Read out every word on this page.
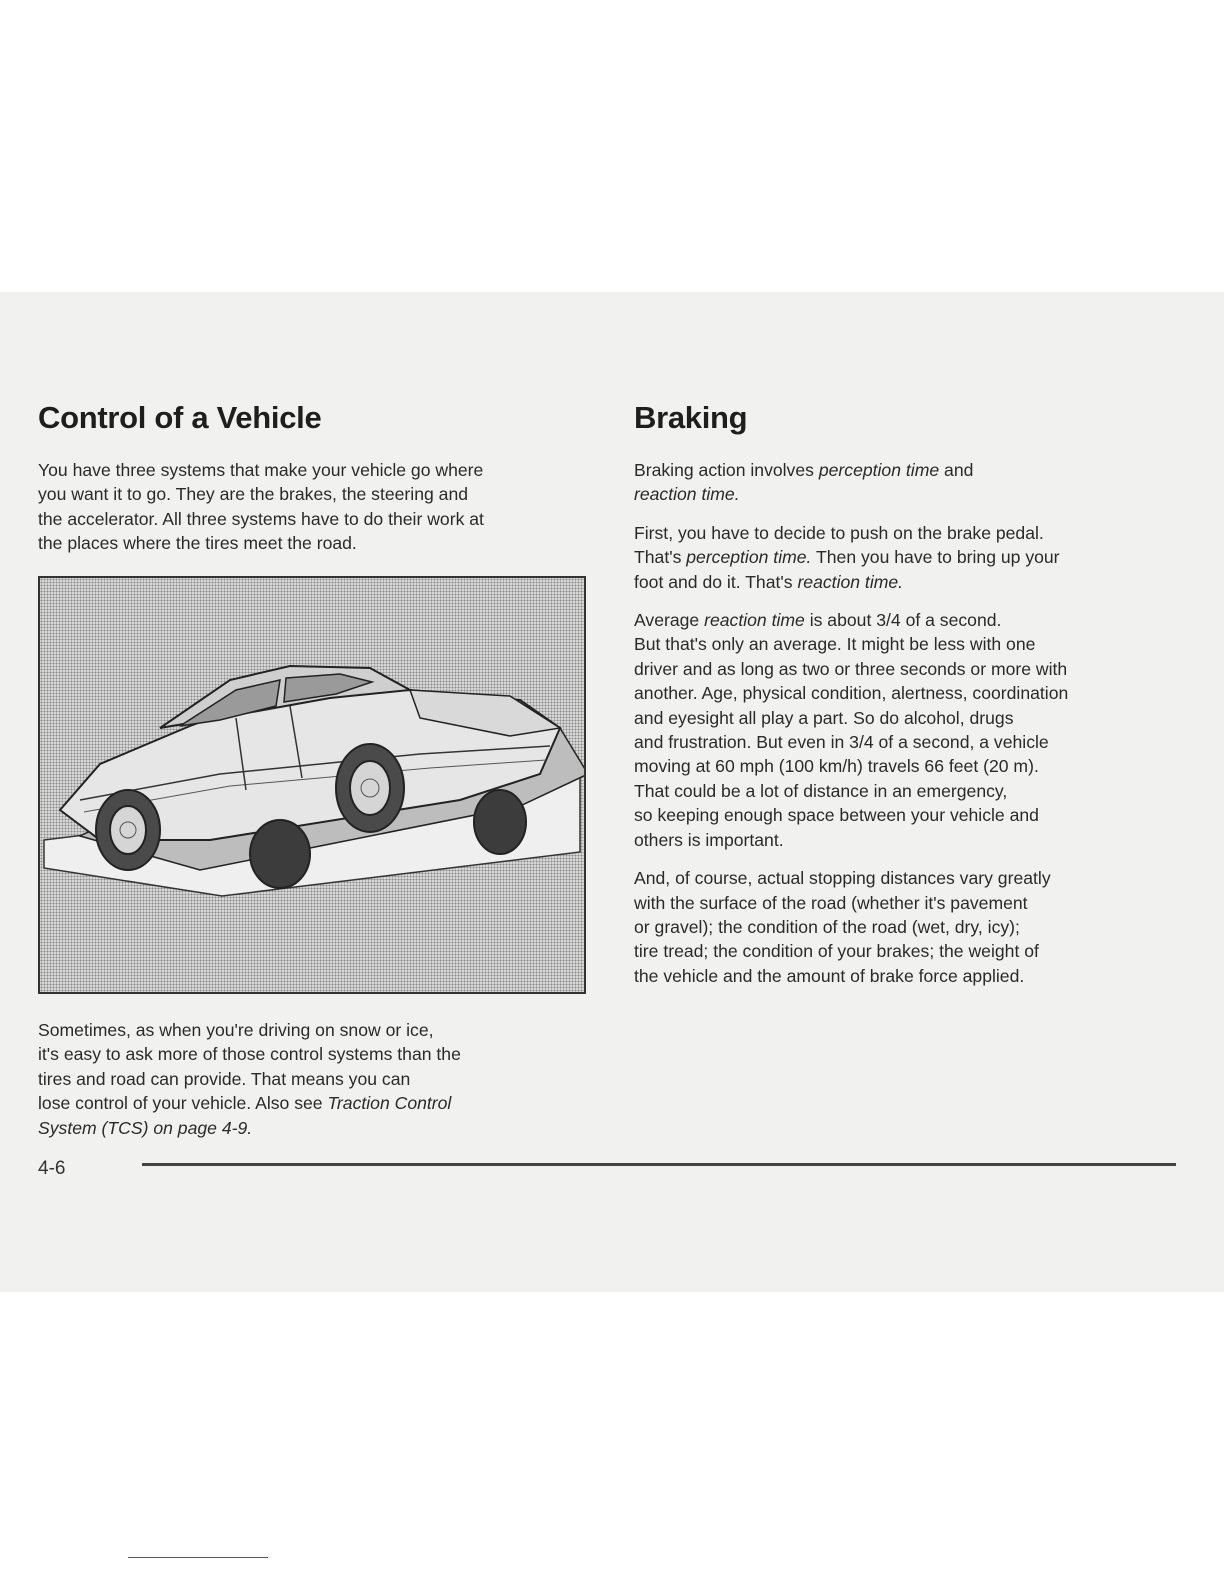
Control of a Vehicle

You have three systems that make your vehicle go where
you want it to go. They are the brakes, the steering and
the accelerator. All three systems have to do their work at
the places where the tires meet the road.

Sometimes, as when you're driving on snow or ice,
it's easy to ask more of those control systems than the
tires and road can provide. That means you can
lose control of your vehicle. Also see Traction Control
System (TCS) on page 4-9.

Braking

Braking action involves perception time and
reaction time.

First, you have to decide to push on the brake pedal.
That's perception time. Then you have to bring up your
foot and do it. That's reaction time.

Average reaction time is about 3/4 of a second.
But that's only an average. It might be less with one
driver and as long as two or three seconds or more with
another. Age, physical condition, alertness, coordination
and eyesight all play a part. So do alcohol, drugs
and frustration. But even in 3/4 of a second, a vehicle
moving at 60 mph (100 km/h) travels 66 feet (20 m).
That could be a lot of distance in an emergency,
so keeping enough space between your vehicle and
others is important.

And, of course, actual stopping distances vary greatly
with the surface of the road (whether it's pavement
or gravel); the condition of the road (wet, dry, icy);
tire tread; the condition of your brakes; the weight of
the vehicle and the amount of brake force applied.

4-6
